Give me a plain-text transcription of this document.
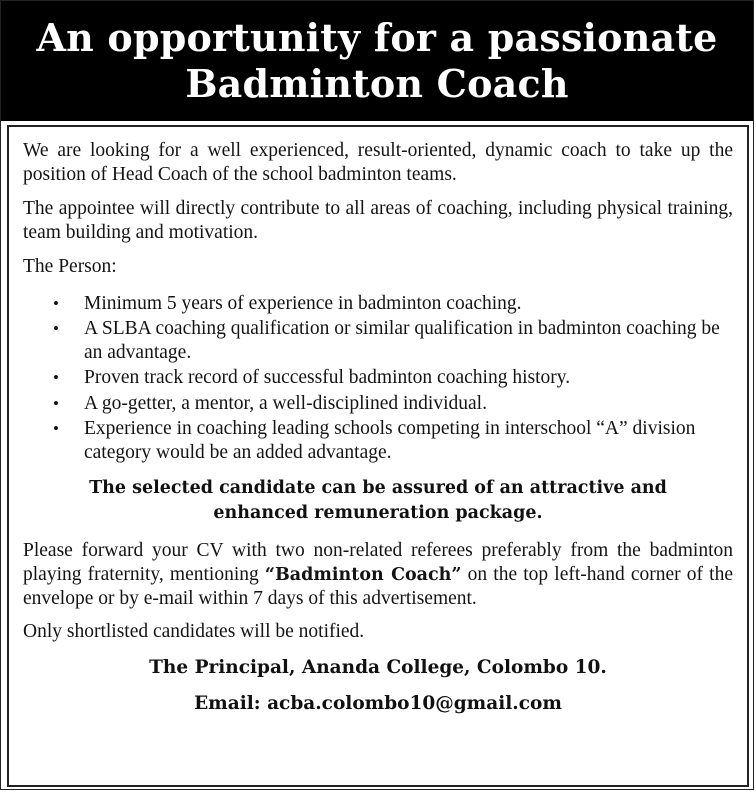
An opportunity for a passionate
Badminton Coach

We are looking for a well experienced, result-oriented, dynamic coach to take up the position of Head Coach of the school badminton teams.

The appointee will directly contribute to all areas of coaching, including physical training, team building and motivation.

The Person:

• Minimum 5 years of experience in badminton coaching.
• A SLBA coaching qualification or similar qualification in badminton coaching be an advantage.
• Proven track record of successful badminton coaching history.
• A go-getter, a mentor, a well-disciplined individual.
• Experience in coaching leading schools competing in interschool “A” division category would be an added advantage.
The selected candidate can be assured of an attractive and
enhanced remuneration package.

Please forward your CV with two non-related referees preferably from the badminton playing fraternity, mentioning “Badminton Coach” on the top left-hand corner of the envelope or by e-mail within 7 days of this advertisement.

Only shortlisted candidates will be notified.

The Principal, Ananda College, Colombo 10.
Email: acba.colombo10@gmail.com
